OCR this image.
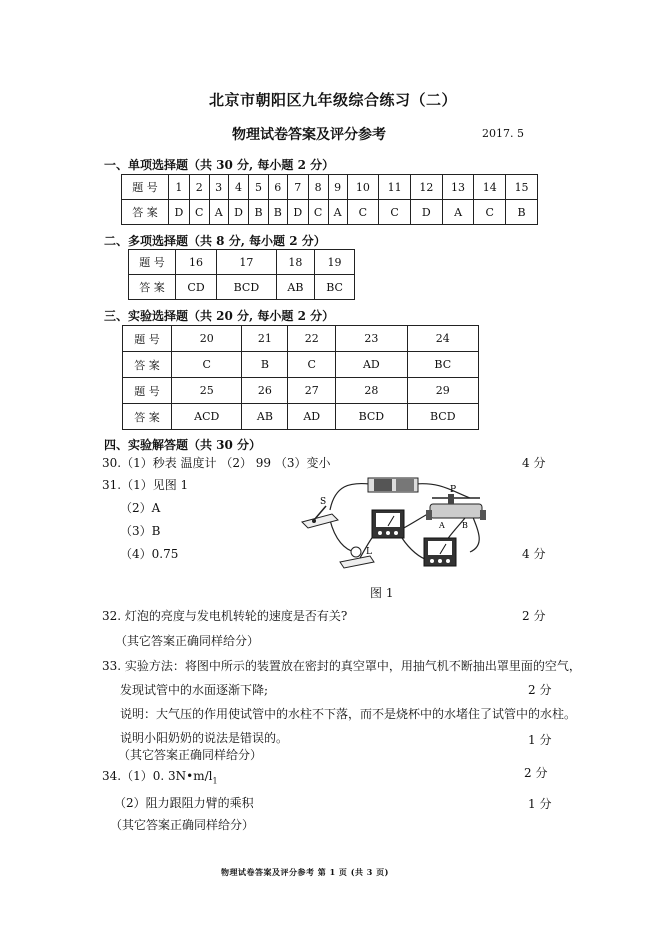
北京市朝阳区九年级综合练习（二）
物理试卷答案及评分参考	2017. 5
一、单项选择题（共 30 分, 每小题 2 分）
题 号	1	2	3	4	5	6	7	8	9	10	11	12	13	14	15
答 案	D	C	A	D	B	B	D	C	A	C	C	D	A	C	B
二、多项选择题（共 8 分, 每小题 2 分）
题 号	16	17	18	19
答 案	CD	BCD	AB	BC
三、实验选择题（共 20 分, 每小题 2 分）
题 号	20	21	22	23	24
答 案	C	B	C	AD	BC
题 号	25	26	27	28	29
答 案	ACD	AB	AD	BCD	BCD
四、实验解答题（共 30 分）
30.（1）秒表 温度计 （2） 99 （3）变小	4 分
31.（1）见图 1
（2）A
（3）B
（4）0.75	4 分
S
P
A B
L
图 1
32. 灯泡的亮度与发电机转轮的速度是否有关?	2 分
（其它答案正确同样给分）
33. 实验方法：将图中所示的装置放在密封的真空罩中，用抽气机不断抽出罩里面的空气，
发现试管中的水面逐渐下降;	2 分
说明：大气压的作用使试管中的水柱不下落，而不是烧杯中的水堵住了试管中的水柱。
说明小阳奶奶的说法是错误的。	1 分
（其它答案正确同样给分）
34.（1）0. $3N•m/l_1$
2 分
（2）阻力跟阻力臂的乘积	1 分
（其它答案正确同样给分）
物理试卷答案及评分参考 第 1 页 (共 3 页)
